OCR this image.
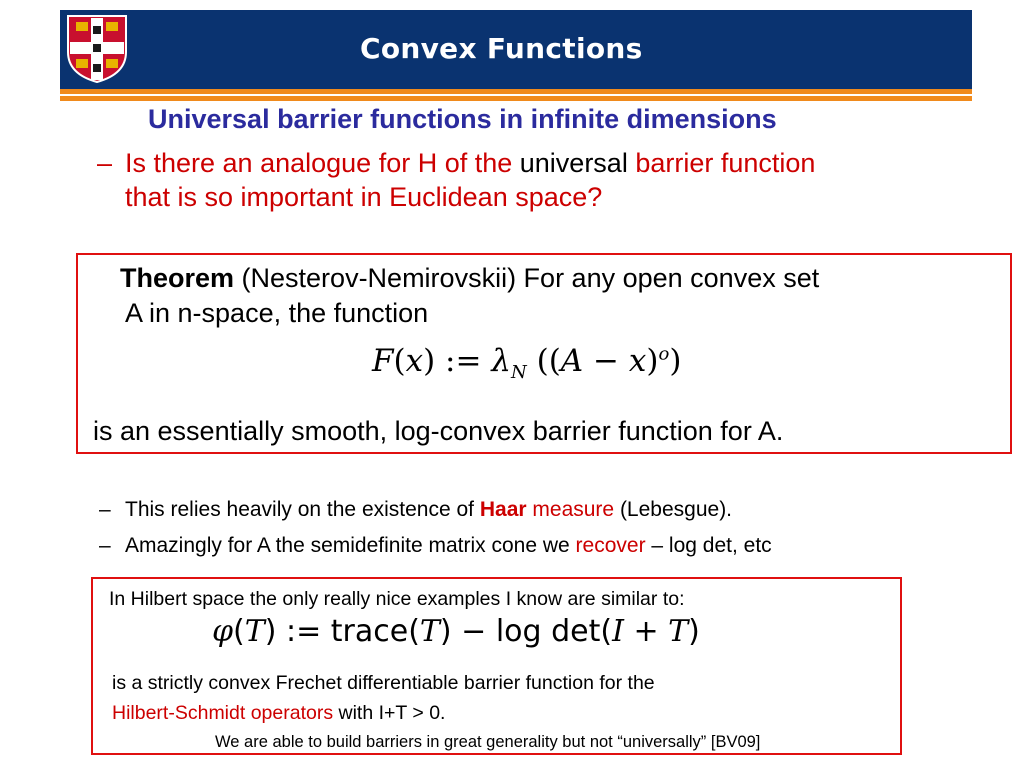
Convex Functions
Universal barrier functions in infinite dimensions
– Is there an analogue for H of the universal barrier function
that is so important in Euclidean space?
Theorem (Nesterov-Nemirovskii) For any open convex set
A in n-space, the function
F(x) := $\lambda_N$ $((A - x)^o)$
is an essentially smooth, log-convex barrier function for A.
– This relies heavily on the existence of Haar measure (Lebesgue).
– Amazingly for A the semidefinite matrix cone we recover – log det, etc
In Hilbert space the only really nice examples I know are similar to:
φ(T) := trace(T) − log det(I + T)
is a strictly convex Frechet differentiable barrier function for the
Hilbert-Schmidt operators with I+T > 0.
We are able to build barriers in great generality but not “universally” [BV09]
